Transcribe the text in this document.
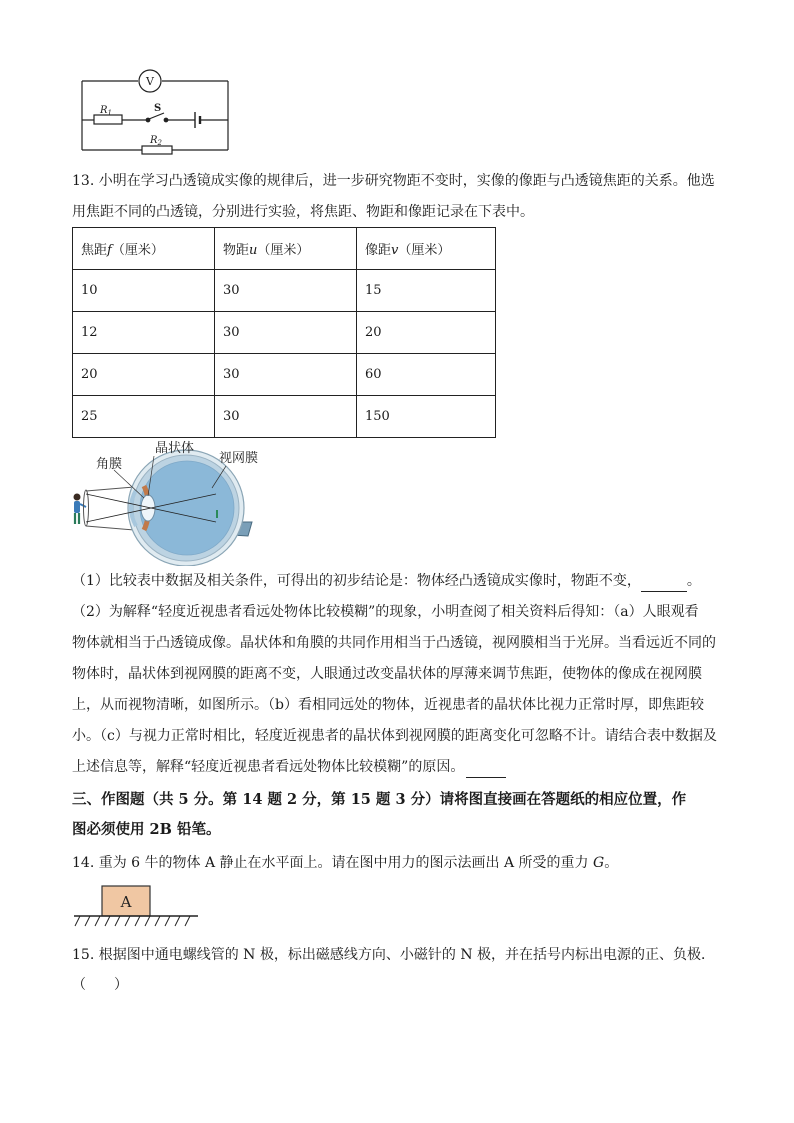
V
$R_1$	S
$R_2$
13. 小明在学习凸透镜成实像的规律后，进一步研究物距不变时，实像的像距与凸透镜焦距的关系。他选
用焦距不同的凸透镜，分别进行实验，将焦距、物距和像距记录在下表中。
焦距f（厘米）	物距u（厘米）	像距v（厘米）
10	30	15
12	30	20
20	30	60
25	30	150
晶状体
角膜	视网膜
（1）比较表中数据及相关条件，可得出的初步结论是：物体经凸透镜成实像时，物距不变，	。
（2）为解释“轻度近视患者看远处物体比较模糊”的现象，小明查阅了相关资料后得知：（a）人眼观看
物体就相当于凸透镜成像。晶状体和角膜的共同作用相当于凸透镜，视网膜相当于光屏。当看远近不同的
物体时，晶状体到视网膜的距离不变，人眼通过改变晶状体的厚薄来调节焦距，使物体的像成在视网膜
上，从而视物清晰，如图所示。（b）看相同远处的物体，近视患者的晶状体比视力正常时厚，即焦距较
小。（c）与视力正常时相比，轻度近视患者的晶状体到视网膜的距离变化可忽略不计。请结合表中数据及
上述信息等，解释“轻度近视患者看远处物体比较模糊”的原因。
三、作图题（共 5 分。第 14 题 2 分，第 15 题 3 分）请将图直接画在答题纸的相应位置，作
图必须使用 2B 铅笔。
14. 重为 6 牛的物体 A 静止在水平面上。请在图中用力的图示法画出 A 所受的重力 G。
A
15. 根据图中通电螺线管的 N 极，标出磁感线方向、小磁针的 N 极，并在括号内标出电源的正、负极．
（　　）
